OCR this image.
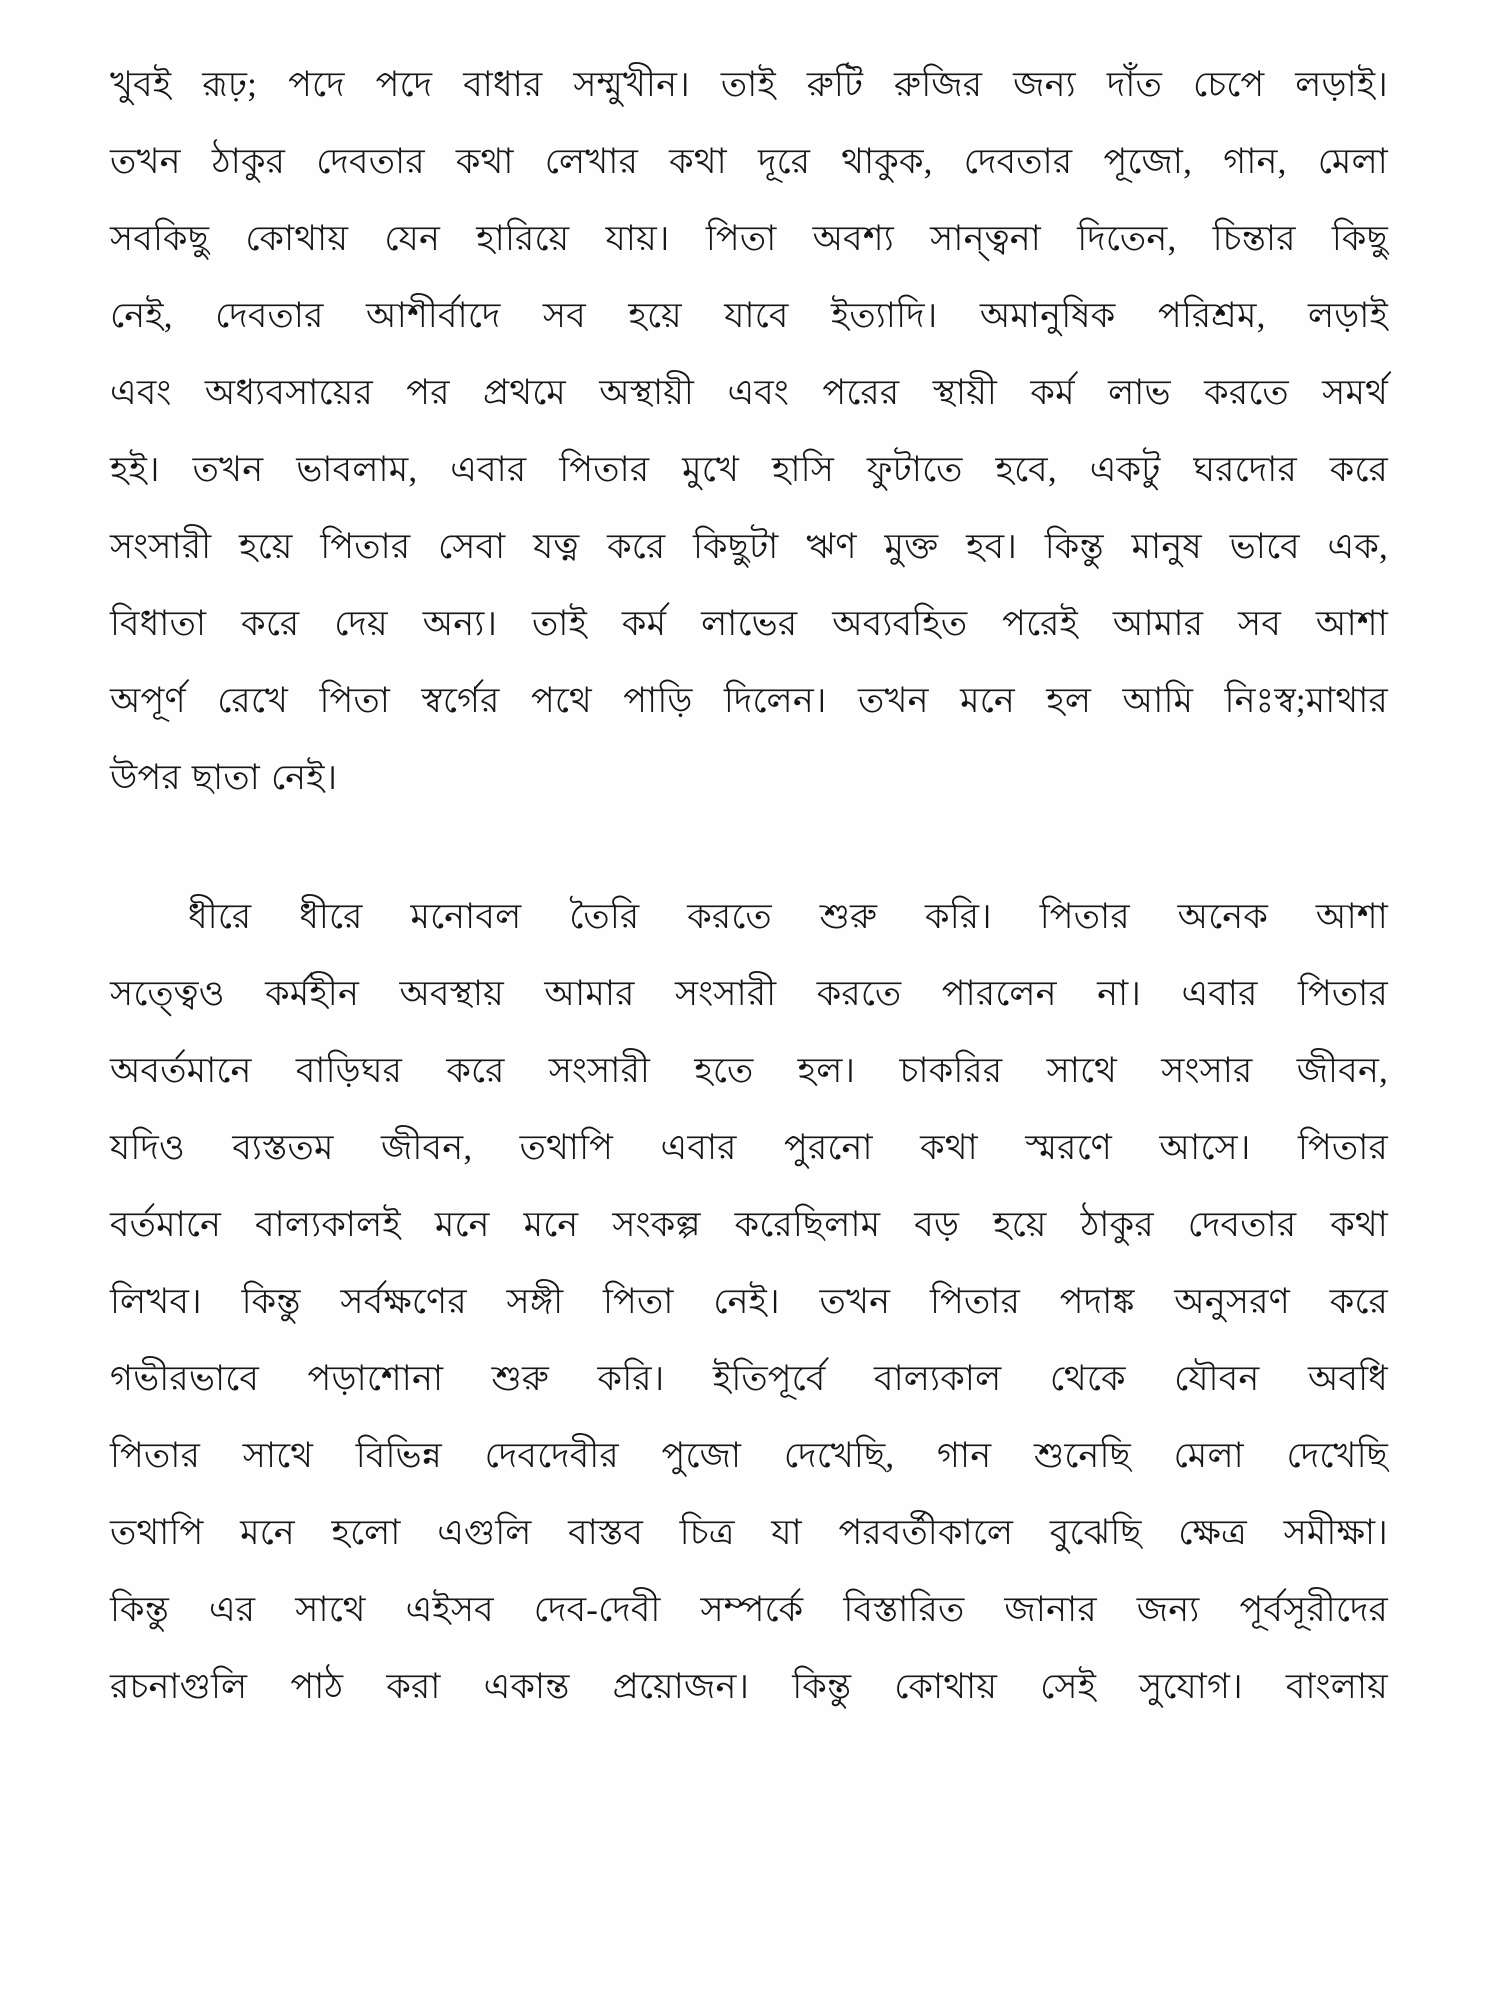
খুবই রূঢ়; পদে পদে বাধার সম্মুখীন। তাই রুটি রুজির জন্য দাঁত চেপে লড়াই।
তখন ঠাকুর দেবতার কথা লেখার কথা দূরে থাকুক, দেবতার পূজো, গান, মেলা
সবকিছু কোথায় যেন হারিয়ে যায়। পিতা অবশ্য সান্ত্বনা দিতেন, চিন্তার কিছু
নেই, দেবতার আশীর্বাদে সব হয়ে যাবে ইত্যাদি। অমানুষিক পরিশ্রম, লড়াই
এবং অধ্যবসায়ের পর প্রথমে অস্থায়ী এবং পরের স্থায়ী কর্ম লাভ করতে সমর্থ
হই। তখন ভাবলাম, এবার পিতার মুখে হাসি ফুটাতে হবে, একটু ঘরদোর করে
সংসারী হয়ে পিতার সেবা যত্ন করে কিছুটা ঋণ মুক্ত হব। কিন্তু মানুষ ভাবে এক,
বিধাতা করে দেয় অন্য। তাই কর্ম লাভের অব্যবহিত পরেই আমার সব আশা
অপূর্ণ রেখে পিতা স্বর্গের পথে পাড়ি দিলেন। তখন মনে হল আমি নিঃস্ব;মাথার
উপর ছাতা নেই।
ধীরে ধীরে মনোবল তৈরি করতে শুরু করি। পিতার অনেক আশা
সত্ত্বেও কর্মহীন অবস্থায় আমার সংসারী করতে পারলেন না। এবার পিতার
অবর্তমানে বাড়িঘর করে সংসারী হতে হল। চাকরির সাথে সংসার জীবন,
যদিও ব্যস্ততম জীবন, তথাপি এবার পুরনো কথা স্মরণে আসে। পিতার
বর্তমানে বাল্যকালই মনে মনে সংকল্প করেছিলাম বড় হয়ে ঠাকুর দেবতার কথা
লিখব। কিন্তু সর্বক্ষণের সঙ্গী পিতা নেই। তখন পিতার পদাঙ্ক অনুসরণ করে
গভীরভাবে পড়াশোনা শুরু করি। ইতিপূর্বে বাল্যকাল থেকে যৌবন অবধি
পিতার সাথে বিভিন্ন দেবদেবীর পুজো দেখেছি, গান শুনেছি মেলা দেখেছি
তথাপি মনে হলো এগুলি বাস্তব চিত্র যা পরবর্তীকালে বুঝেছি ক্ষেত্র সমীক্ষা।
কিন্তু এর সাথে এইসব দেব-দেবী সম্পর্কে বিস্তারিত জানার জন্য পূর্বসূরীদের
রচনাগুলি পাঠ করা একান্ত প্রয়োজন। কিন্তু কোথায় সেই সুযোগ। বাংলায়
